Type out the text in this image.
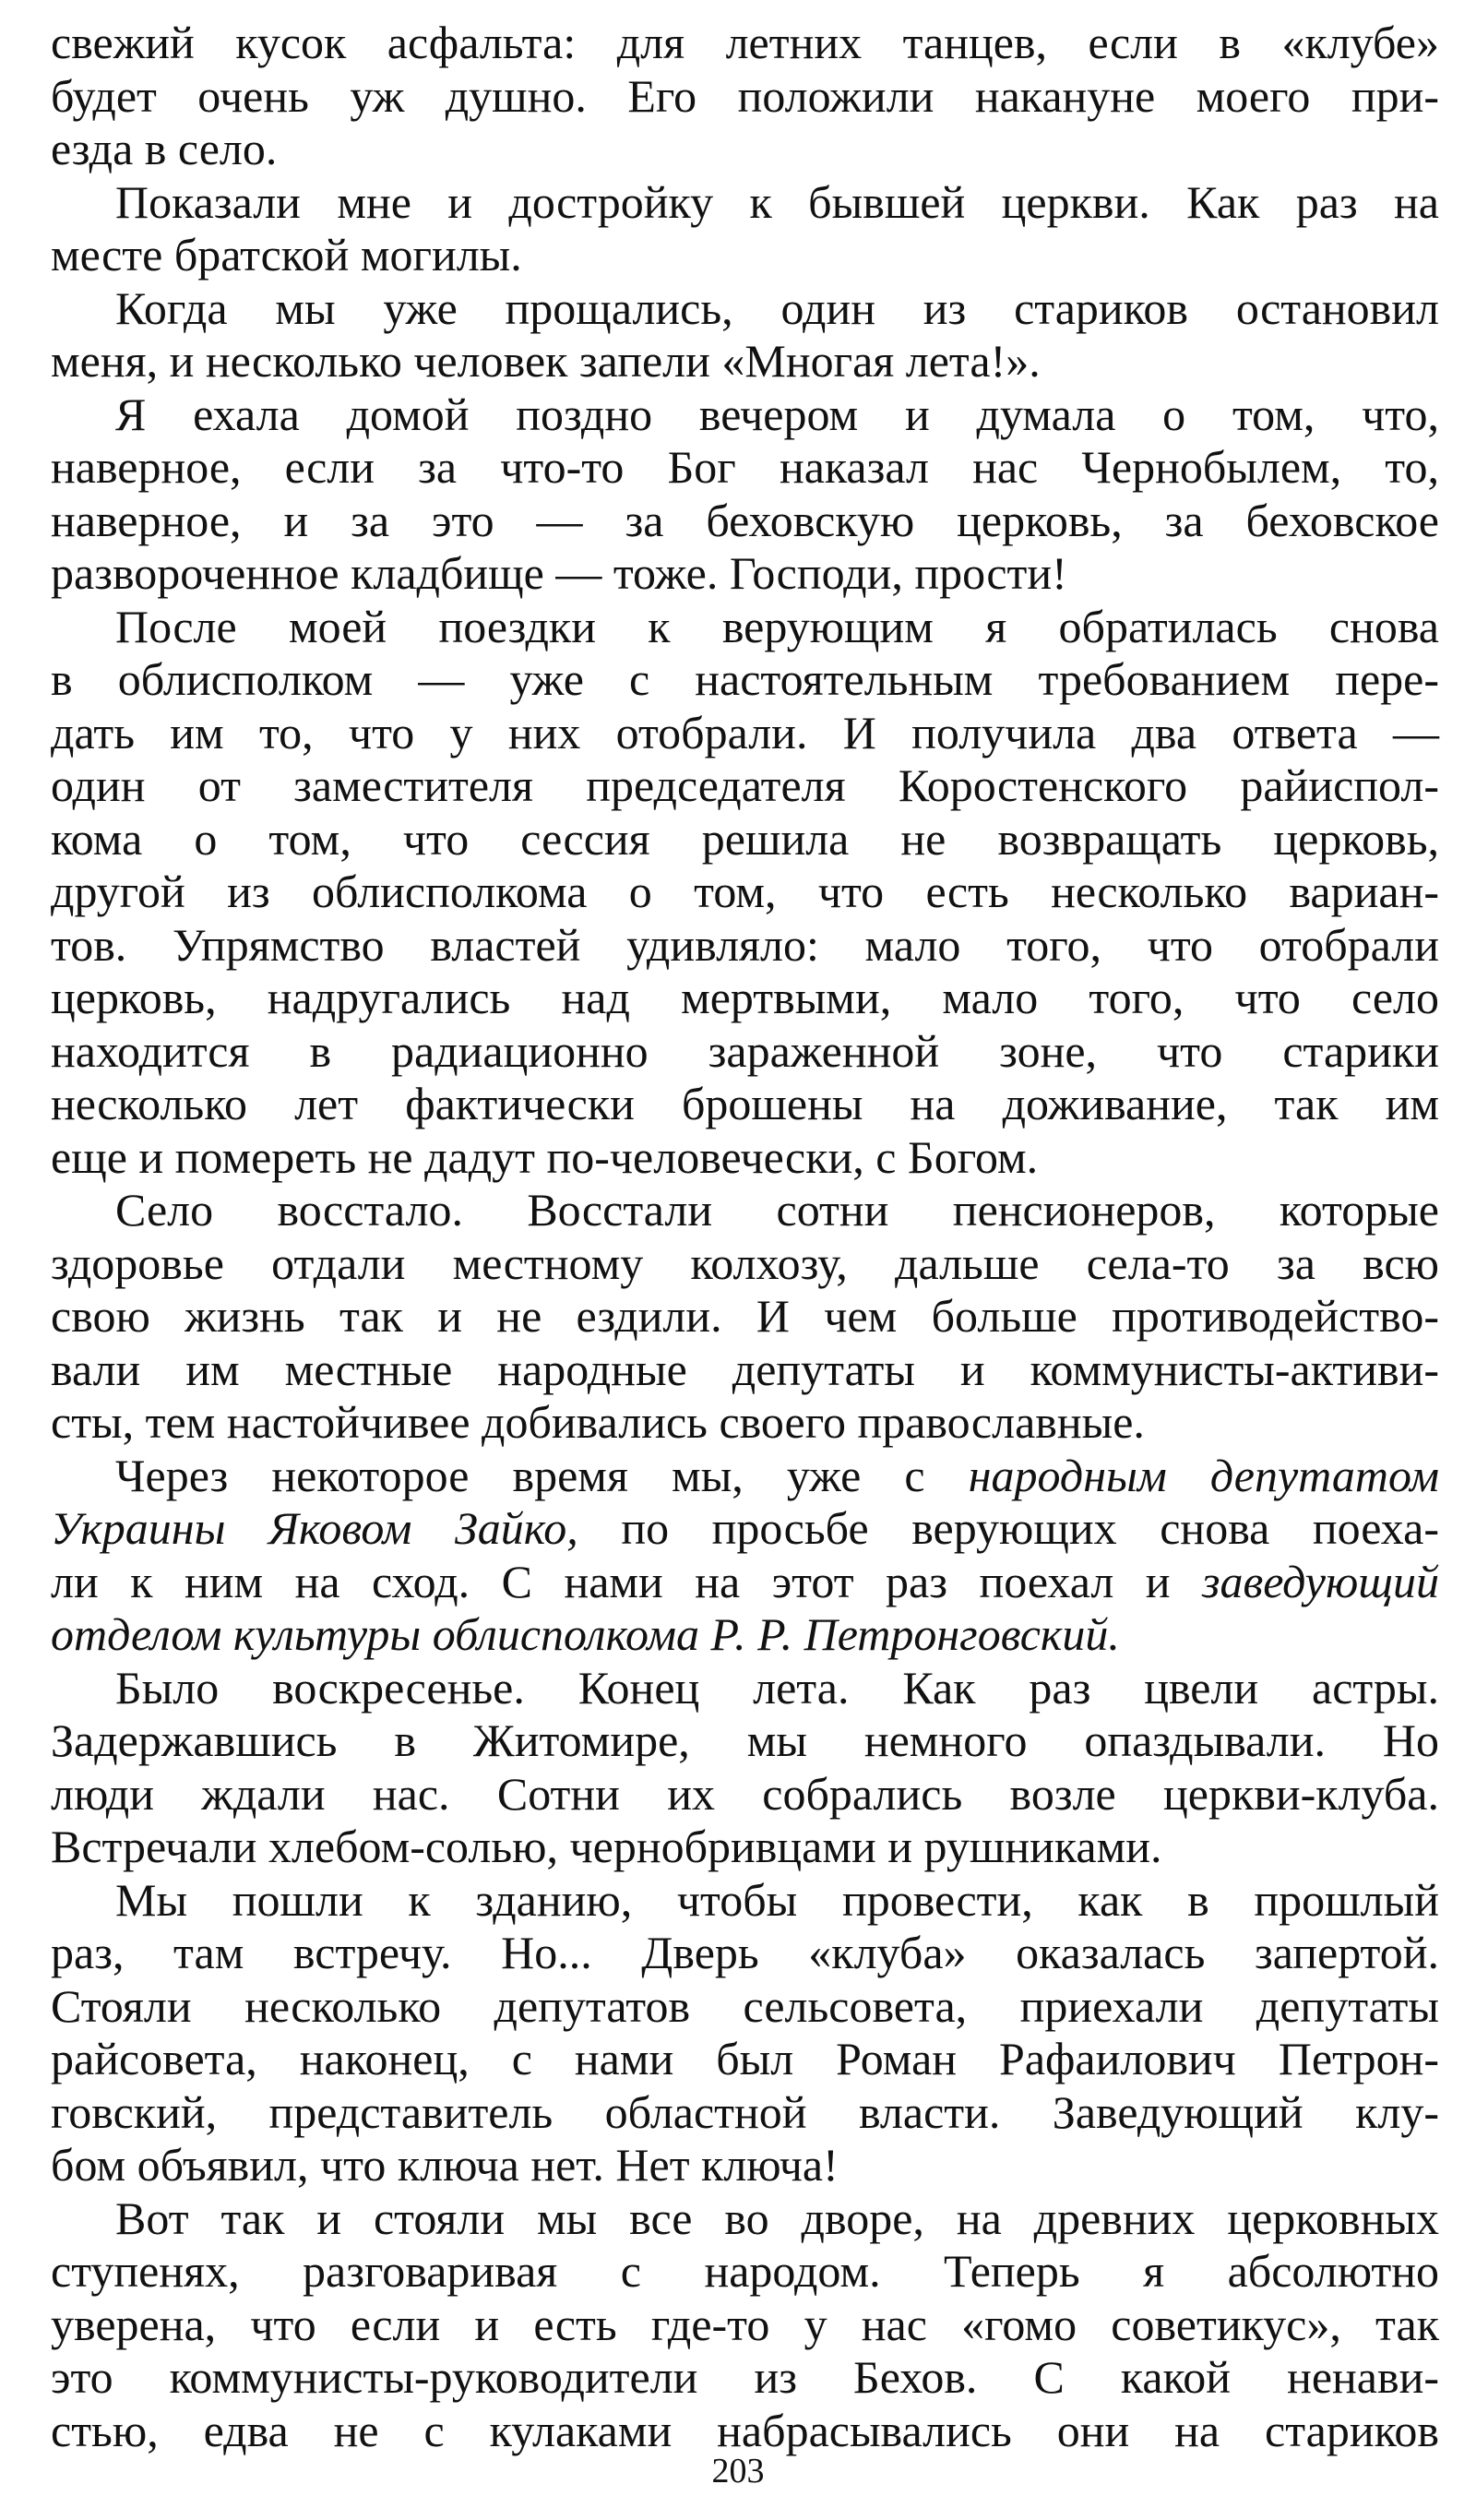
свежий кусок асфальта: для летних танцев, если в «клубе»
будет очень уж душно. Его положили накануне моего при-
езда в село.
Показали мне и достройку к бывшей церкви. Как раз на
месте братской могилы.
Когда мы уже прощались, один из стариков остановил
меня, и несколько человек запели «Многая лета!».
Я ехала домой поздно вечером и думала о том, что,
наверное, если за что-то Бог наказал нас Чернобылем, то,
наверное, и за это — за беховскую церковь, за беховское
развороченное кладбище — тоже. Господи, прости!
После моей поездки к верующим я обратилась снова
в облисполком — уже с настоятельным требованием пере-
дать им то, что у них отобрали. И получила два ответа —
один от заместителя председателя Коростенского райиспол-
кома о том, что сессия решила не возвращать церковь,
другой из облисполкома о том, что есть несколько вариан-
тов. Упрямство властей удивляло: мало того, что отобрали
церковь, надругались над мертвыми, мало того, что село
находится в радиационно зараженной зоне, что старики
несколько лет фактически брошены на доживание, так им
еще и помереть не дадут по-человечески, с Богом.
Село восстало. Восстали сотни пенсионеров, которые
здоровье отдали местному колхозу, дальше села-то за всю
свою жизнь так и не ездили. И чем больше противодейство-
вали им местные народные депутаты и коммунисты-активи-
сты, тем настойчивее добивались своего православные.
Через некоторое время мы, уже с народным депутатом
Украины Яковом Зайко, по просьбе верующих снова поеха-
ли к ним на сход. С нами на этот раз поехал и заведующий
отделом культуры облисполкома Р. Р. Петронговский.
Было воскресенье. Конец лета. Как раз цвели астры.
Задержавшись в Житомире, мы немного опаздывали. Но
люди ждали нас. Сотни их собрались возле церкви-клуба.
Встречали хлебом-солью, чернобривцами и рушниками.
Мы пошли к зданию, чтобы провести, как в прошлый
раз, там встречу. Но... Дверь «клуба» оказалась запертой.
Стояли несколько депутатов сельсовета, приехали депутаты
райсовета, наконец, с нами был Роман Рафаилович Петрон-
говский, представитель областной власти. Заведующий клу-
бом объявил, что ключа нет. Нет ключа!
Вот так и стояли мы все во дворе, на древних церковных
ступенях, разговаривая с народом. Теперь я абсолютно
уверена, что если и есть где-то у нас «гомо советикус», так
это коммунисты-руководители из Бехов. С какой ненави-
стью, едва не с кулаками набрасывались они на стариков
203
